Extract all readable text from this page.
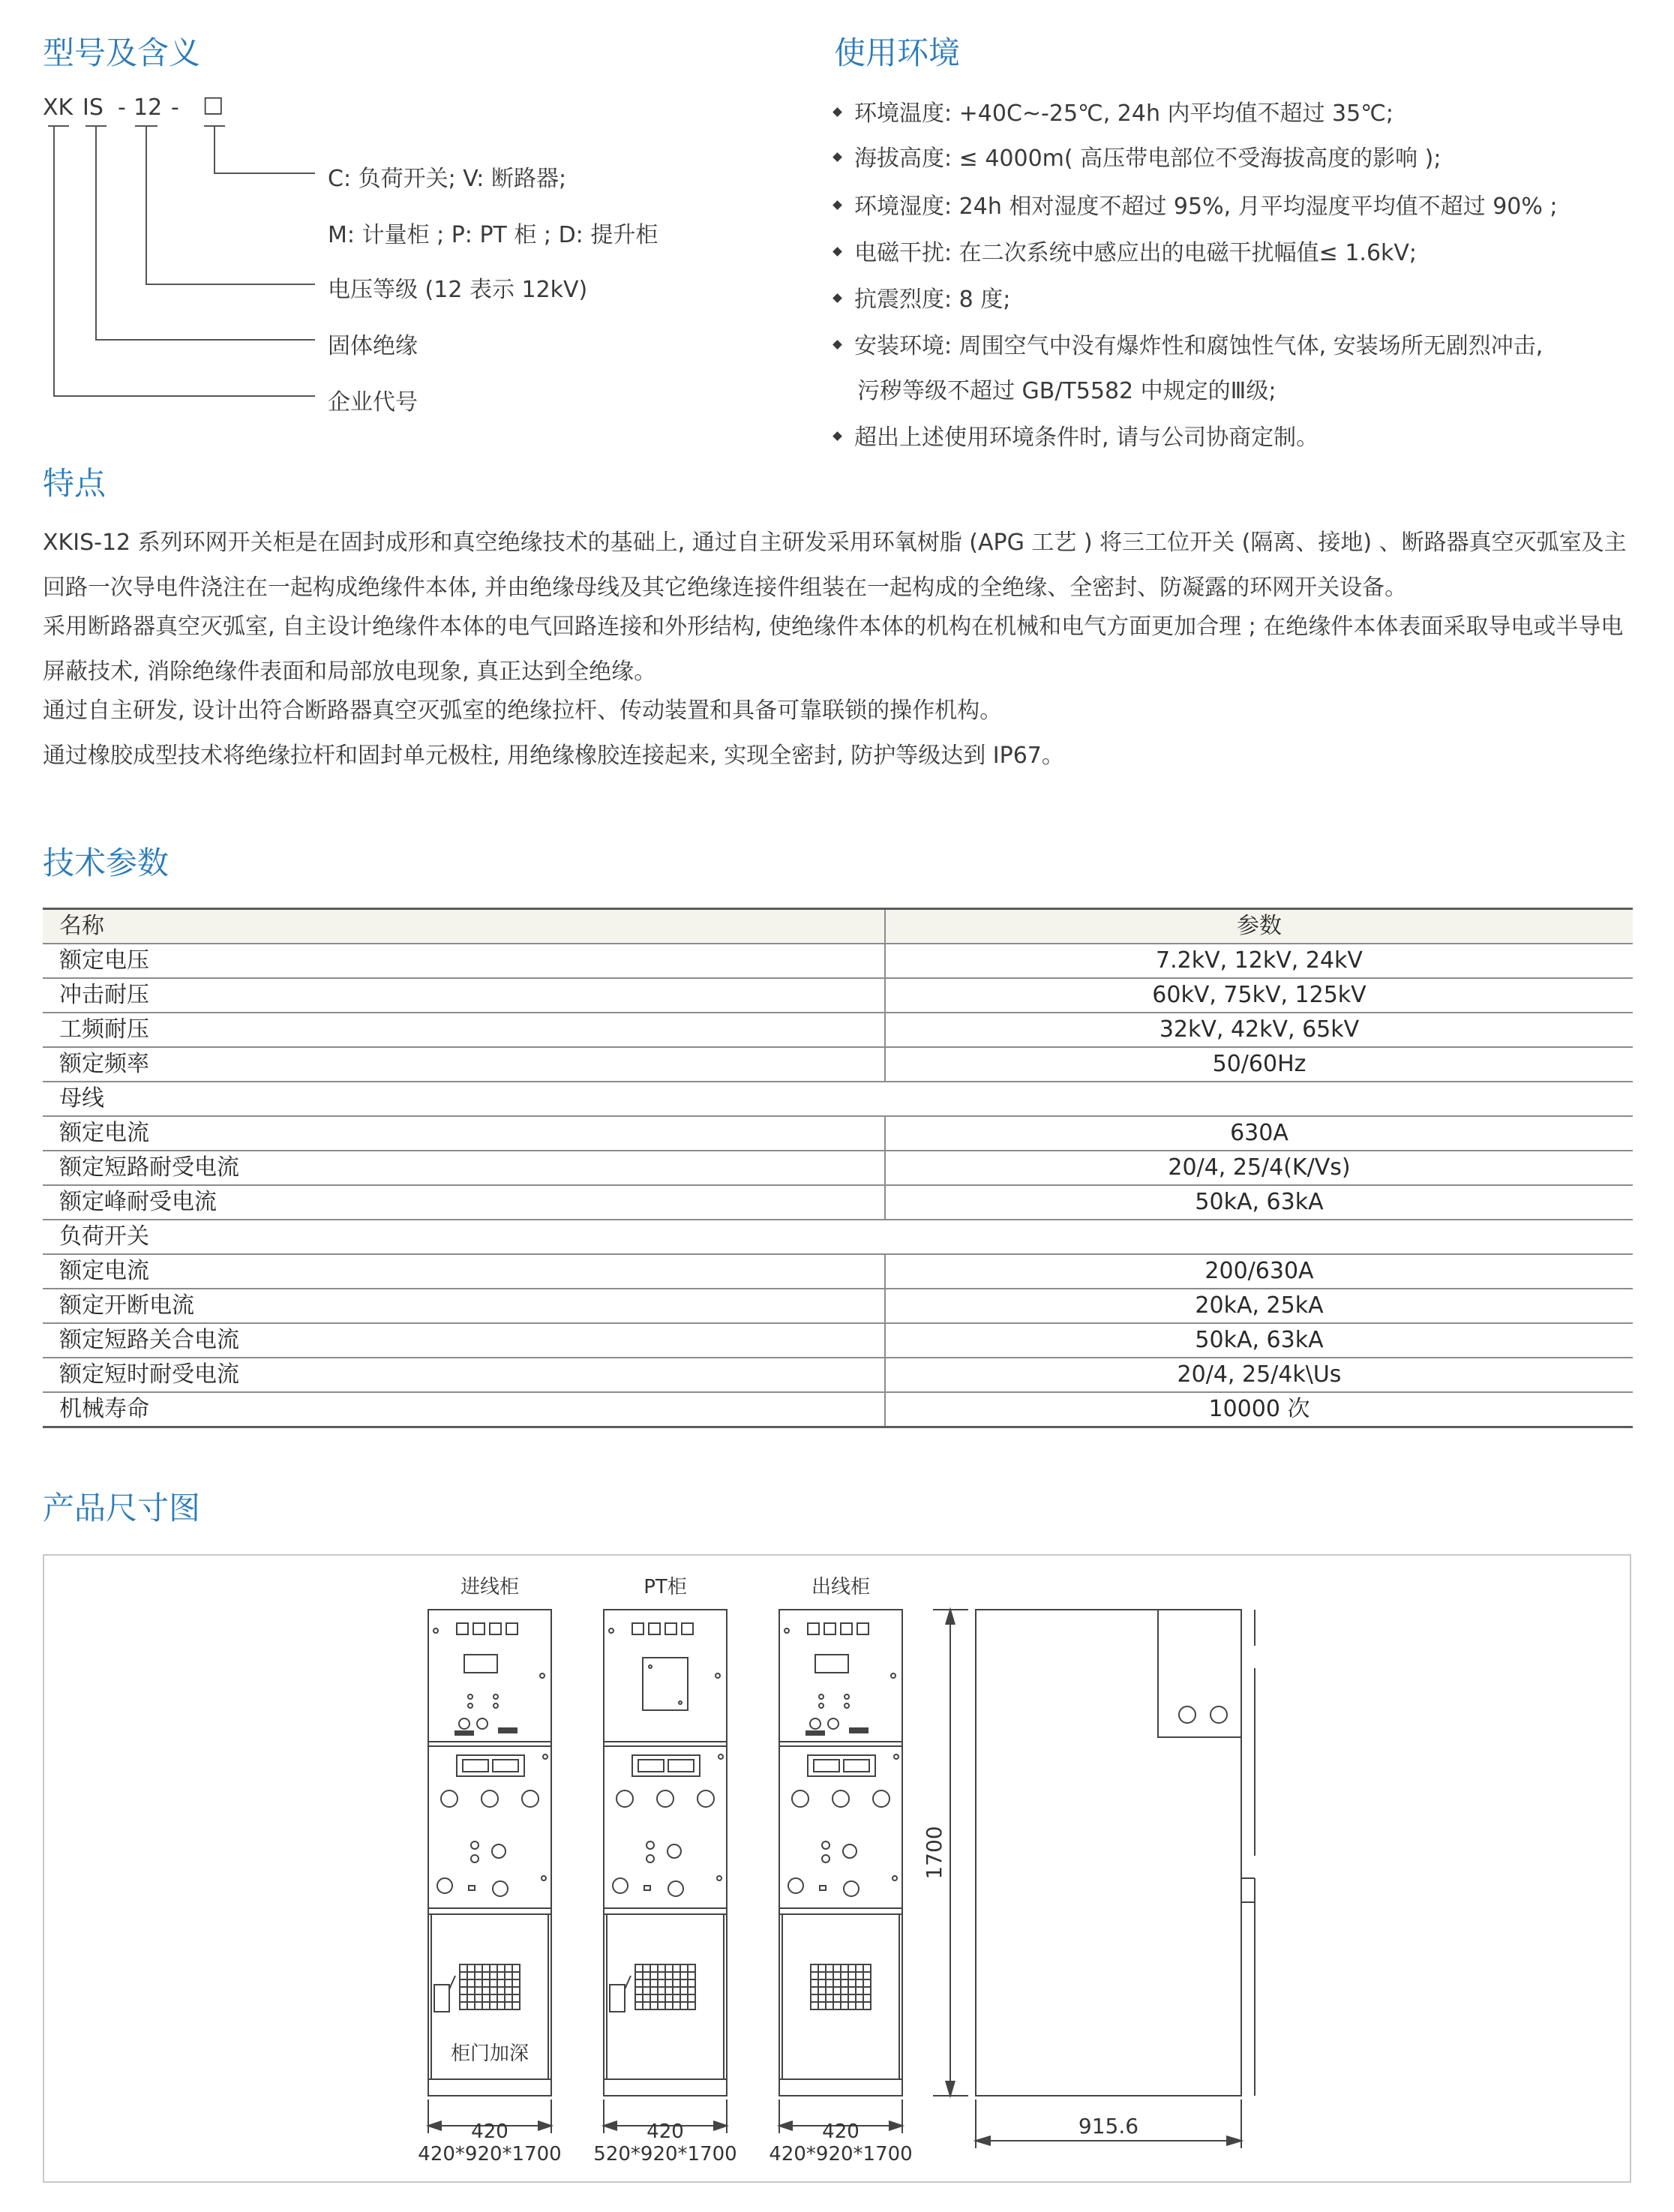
型号及含义	使用环境
特点
技术参数
产品尺寸图
XK IS - 12 - □
C: 负荷开关; V: 断路器;
M: 计量柜 ; P: PT 柜 ; D: 提升柜
电压等级 (12 表示 12kV)
固体绝缘
企业代号
环境温度: +40C~-25℃, 24h 内平均值不超过 35℃;
海拔高度: ≤ 4000m( 高压带电部位不受海拔高度的影响 );
环境湿度: 24h 相对湿度不超过 95%, 月平均湿度平均值不超过 90% ;
电磁干扰: 在二次系统中感应出的电磁干扰幅值≤ 1.6kV;
抗震烈度: 8 度;
安装环境: 周围空气中没有爆炸性和腐蚀性气体, 安装场所无剧烈冲击,
污秽等级不超过 GB/T5582 中规定的Ⅲ级;
超出上述使用环境条件时, 请与公司协商定制。

XKIS-12 系列环网开关柜是在固封成形和真空绝缘技术的基础上, 通过自主研发采用环氧树脂 (APG 工艺 ) 将三工位开关 (隔离、接地) 、断路器真空灭弧室及主回路一次导电件浇注在一起构成绝缘件本体, 并由绝缘母线及其它绝缘连接件组装在一起构成的全绝缘、全密封、防凝露的环网开关设备。

采用断路器真空灭弧室, 自主设计绝缘件本体的电气回路连接和外形结构, 使绝缘件本体的机构在机械和电气方面更加合理 ; 在绝缘件本体表面采取导电或半导电屏蔽技术, 消除绝缘件表面和局部放电现象, 真正达到全绝缘。

通过自主研发, 设计出符合断路器真空灭弧室的绝缘拉杆、传动装置和具备可靠联锁的操作机构。

通过橡胶成型技术将绝缘拉杆和固封单元极柱, 用绝缘橡胶连接起来, 实现全密封, 防护等级达到 IP67。

名称	参数
额定电压	7.2kV, 12kV, 24kV
冲击耐压	60kV, 75kV, 125kV
工频耐压	32kV, 42kV, 65kV
额定频率	50/60Hz
母线	
额定电流	630A
额定短路耐受电流	20/4, 25/4(K/Vs)
额定峰耐受电流	50kA, 63kA
负荷开关	
额定电流	200/630A
额定开断电流	20kA, 25kA
额定短路关合电流	50kA, 63kA
额定短时耐受电流	20/4, 25/4k\Us
机械寿命	10000 次
进线柜
420
420*920*1700
柜门加深
PT柜
420
520*920*1700
出线柜
420
420*920*1700
1700
915.6
